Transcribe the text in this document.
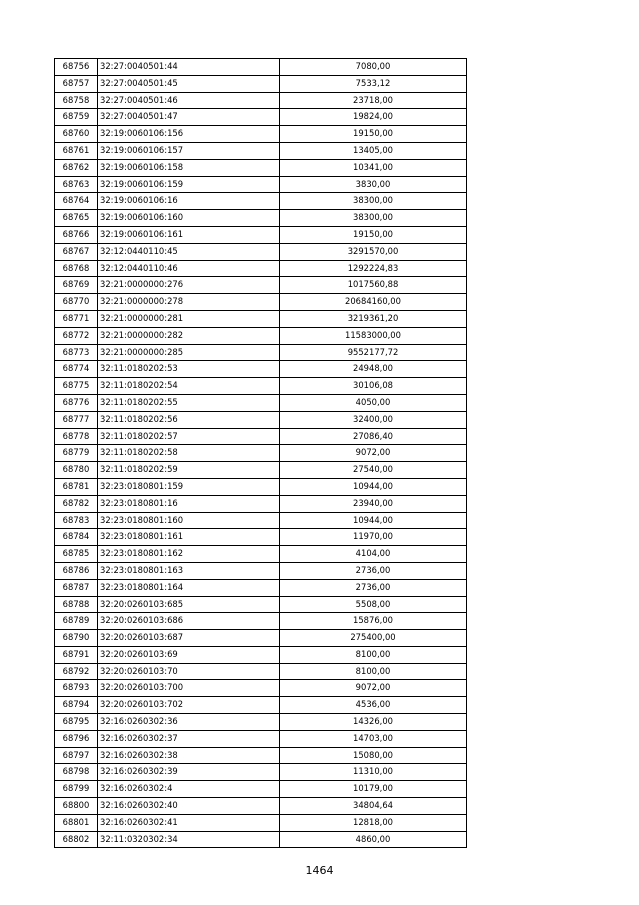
68756	32:27:0040501:44	7080,00
68757	32:27:0040501:45	7533,12
68758	32:27:0040501:46	23718,00
68759	32:27:0040501:47	19824,00
68760	32:19:0060106:156	19150,00
68761	32:19:0060106:157	13405,00
68762	32:19:0060106:158	10341,00
68763	32:19:0060106:159	3830,00
68764	32:19:0060106:16	38300,00
68765	32:19:0060106:160	38300,00
68766	32:19:0060106:161	19150,00
68767	32:12:0440110:45	3291570,00
68768	32:12:0440110:46	1292224,83
68769	32:21:0000000:276	1017560,88
68770	32:21:0000000:278	20684160,00
68771	32:21:0000000:281	3219361,20
68772	32:21:0000000:282	11583000,00
68773	32:21:0000000:285	9552177,72
68774	32:11:0180202:53	24948,00
68775	32:11:0180202:54	30106,08
68776	32:11:0180202:55	4050,00
68777	32:11:0180202:56	32400,00
68778	32:11:0180202:57	27086,40
68779	32:11:0180202:58	9072,00
68780	32:11:0180202:59	27540,00
68781	32:23:0180801:159	10944,00
68782	32:23:0180801:16	23940,00
68783	32:23:0180801:160	10944,00
68784	32:23:0180801:161	11970,00
68785	32:23:0180801:162	4104,00
68786	32:23:0180801:163	2736,00
68787	32:23:0180801:164	2736,00
68788	32:20:0260103:685	5508,00
68789	32:20:0260103:686	15876,00
68790	32:20:0260103:687	275400,00
68791	32:20:0260103:69	8100,00
68792	32:20:0260103:70	8100,00
68793	32:20:0260103:700	9072,00
68794	32:20:0260103:702	4536,00
68795	32:16:0260302:36	14326,00
68796	32:16:0260302:37	14703,00
68797	32:16:0260302:38	15080,00
68798	32:16:0260302:39	11310,00
68799	32:16:0260302:4	10179,00
68800	32:16:0260302:40	34804,64
68801	32:16:0260302:41	12818,00
68802	32:11:0320302:34	4860,00
1464
